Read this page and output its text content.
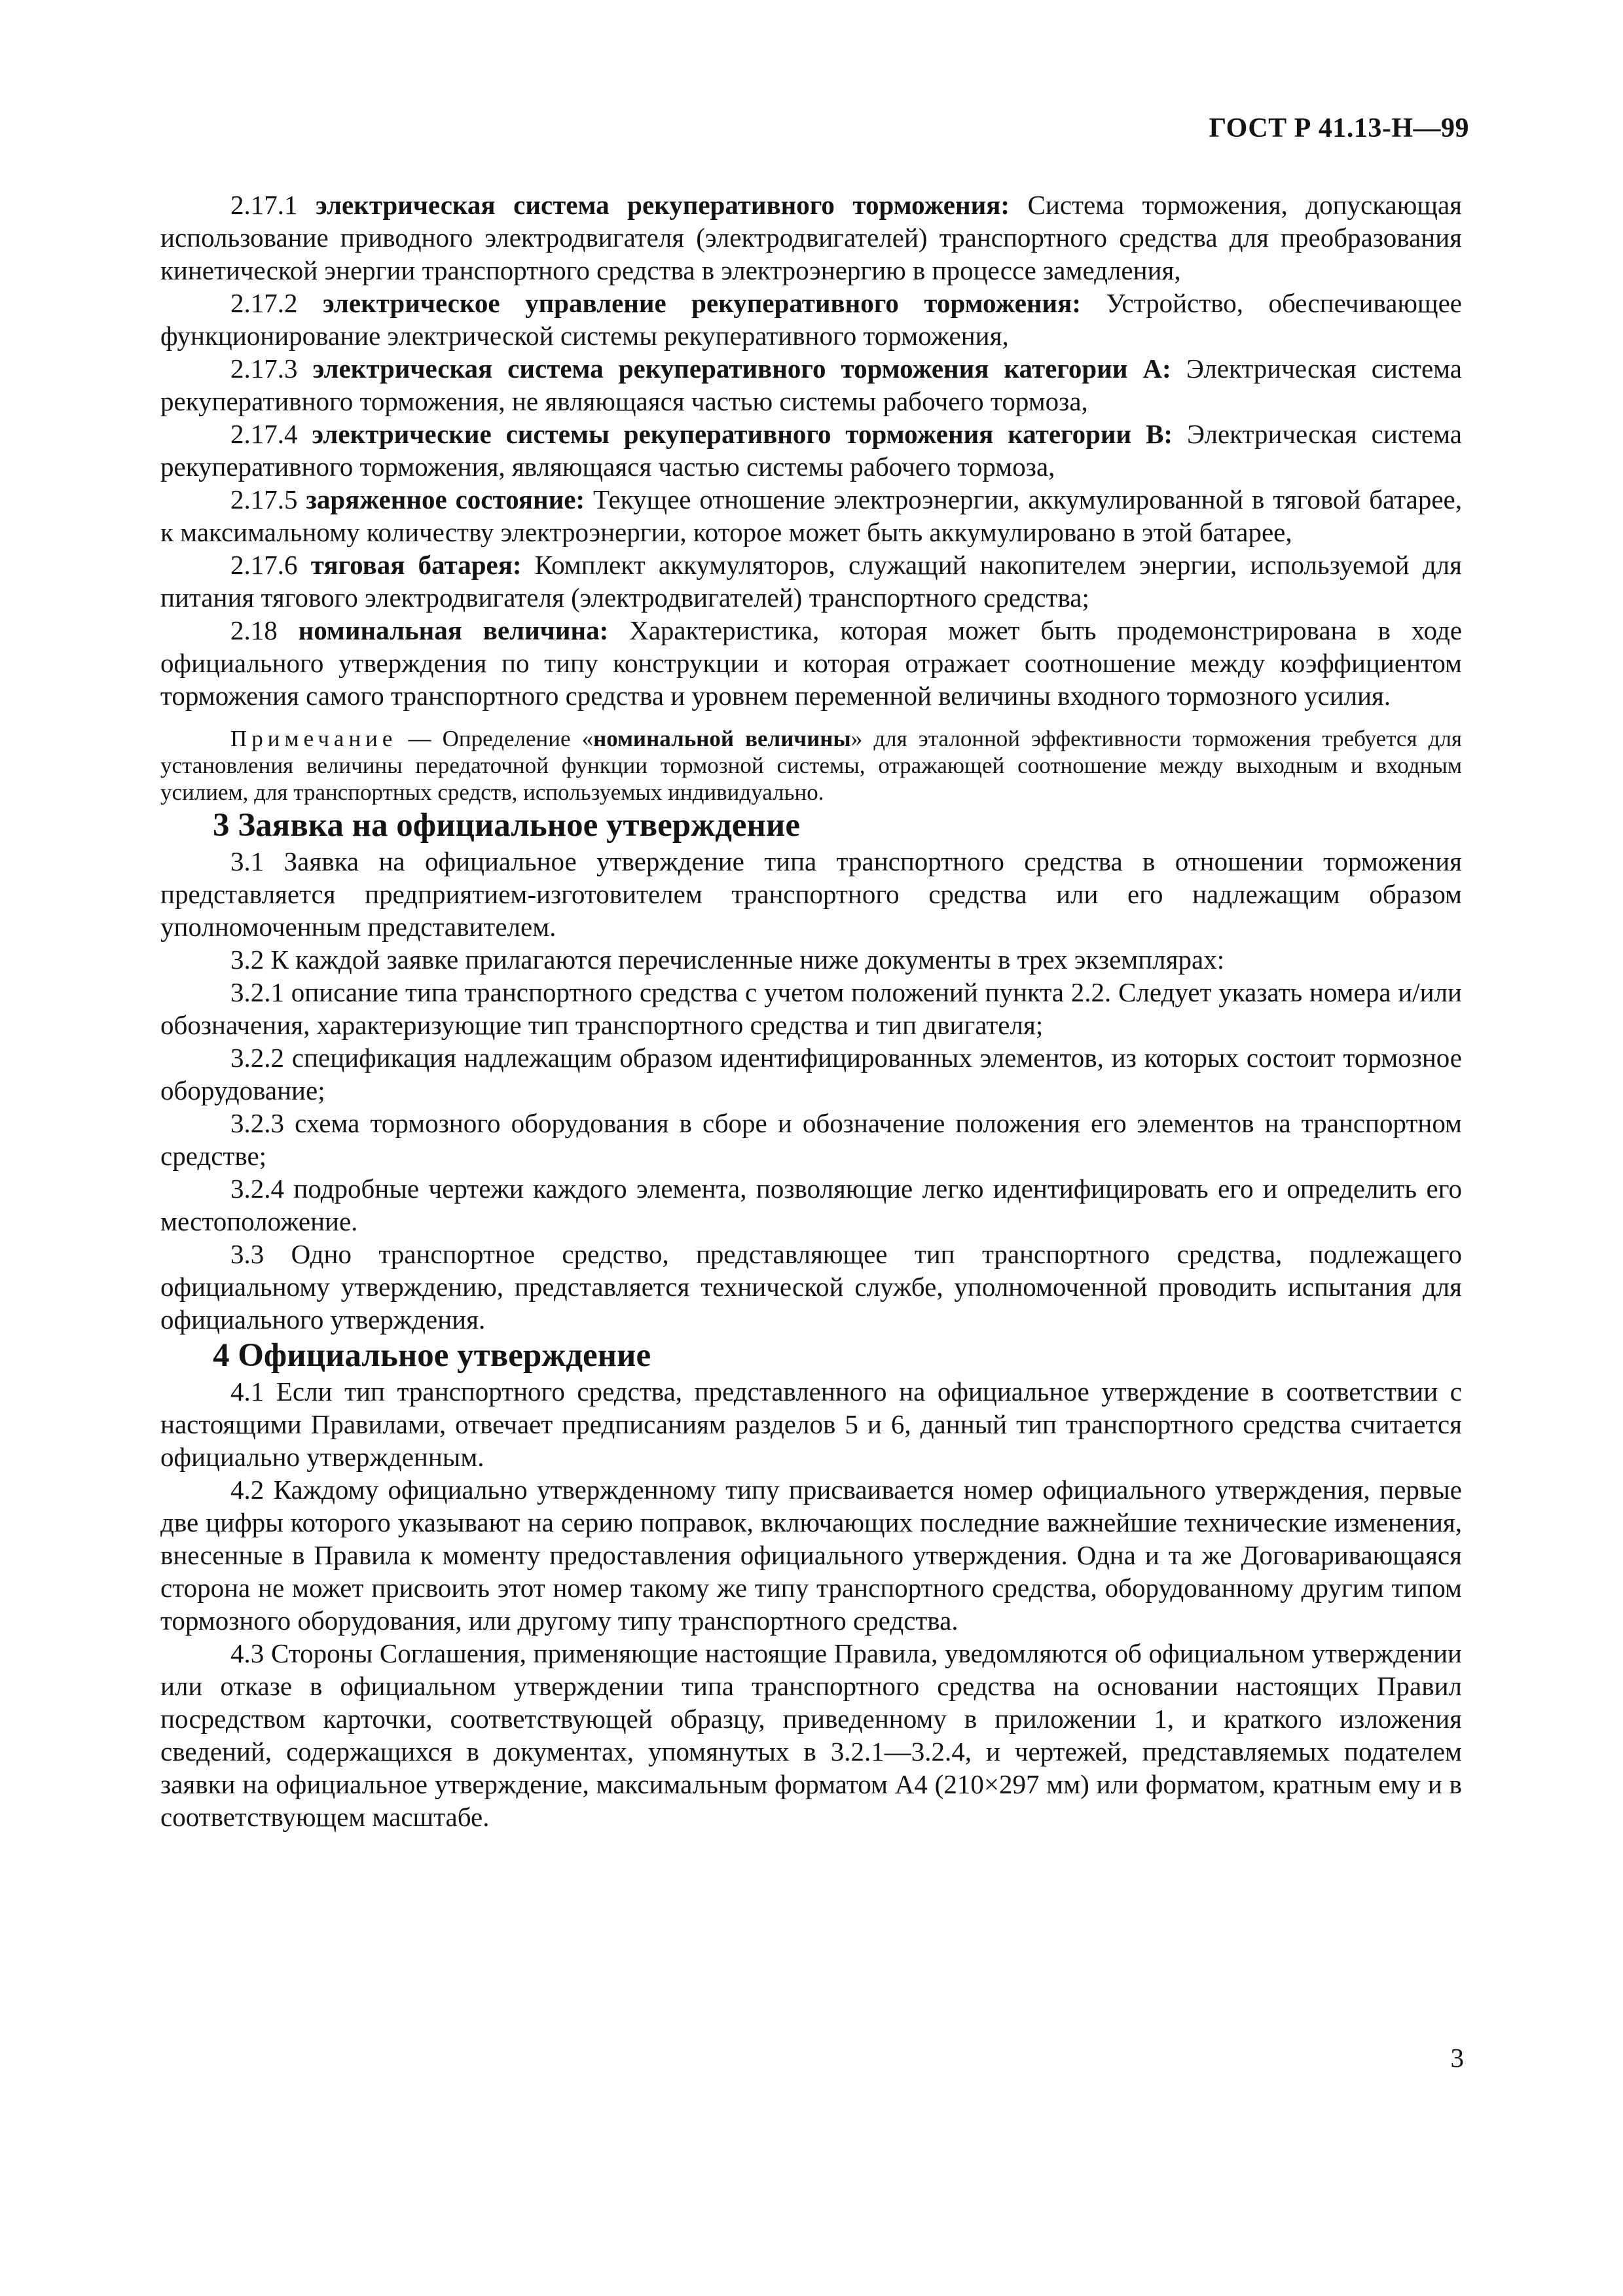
ГОСТ Р 41.13-Н—99

2.17.1 электрическая система рекуперативного торможения: Система торможения, допускающая использование приводного электродвигателя (электродвигателей) транспортного средства для преобразования кинетической энергии транспортного средства в электроэнергию в процессе замедления,

2.17.2 электрическое управление рекуперативного торможения: Устройство, обеспечивающее функционирование электрической системы рекуперативного торможения,

2.17.3 электрическая система рекуперативного торможения категории А: Электрическая система рекуперативного торможения, не являющаяся частью системы рабочего тормоза,

2.17.4 электрические системы рекуперативного торможения категории В: Электрическая система рекуперативного торможения, являющаяся частью системы рабочего тормоза,

2.17.5 заряженное состояние: Текущее отношение электроэнергии, аккумулированной в тяговой батарее, к максимальному количеству электроэнергии, которое может быть аккумулировано в этой батарее,

2.17.6 тяговая батарея: Комплект аккумуляторов, служащий накопителем энергии, используемой для питания тягового электродвигателя (электродвигателей) транспортного средства;

2.18 номинальная величина: Характеристика, которая может быть продемонстрирована в ходе официального утверждения по типу конструкции и которая отражает соотношение между коэффициентом торможения самого транспортного средства и уровнем переменной величины входного тормозного усилия.

Примечание — Определение «номинальной величины» для эталонной эффективности торможения требуется для установления величины передаточной функции тормозной системы, отражающей соотношение между выходным и входным усилием, для транспортных средств, используемых индивидуально.

3 Заявка на официальное утверждение

3.1 Заявка на официальное утверждение типа транспортного средства в отношении торможения представляется предприятием-изготовителем транспортного средства или его надлежащим образом уполномоченным представителем.

3.2 К каждой заявке прилагаются перечисленные ниже документы в трех экземплярах:

3.2.1 описание типа транспортного средства с учетом положений пункта 2.2. Следует указать номера и/или обозначения, характеризующие тип транспортного средства и тип двигателя;

3.2.2 спецификация надлежащим образом идентифицированных элементов, из которых состоит тормозное оборудование;

3.2.3 схема тормозного оборудования в сборе и обозначение положения его элементов на транспортном средстве;

3.2.4 подробные чертежи каждого элемента, позволяющие легко идентифицировать его и определить его местоположение.

3.3 Одно транспортное средство, представляющее тип транспортного средства, подлежащего официальному утверждению, представляется технической службе, уполномоченной проводить испытания для официального утверждения.

4 Официальное утверждение

4.1 Если тип транспортного средства, представленного на официальное утверждение в соответствии с настоящими Правилами, отвечает предписаниям разделов 5 и 6, данный тип транспортного средства считается официально утвержденным.

4.2 Каждому официально утвержденному типу присваивается номер официального утверждения, первые две цифры которого указывают на серию поправок, включающих последние важнейшие технические изменения, внесенные в Правила к моменту предоставления официального утверждения. Одна и та же Договаривающаяся сторона не может присвоить этот номер такому же типу транспортного средства, оборудованному другим типом тормозного оборудования, или другому типу транспортного средства.

4.3 Стороны Соглашения, применяющие настоящие Правила, уведомляются об официальном утверждении или отказе в официальном утверждении типа транспортного средства на основании настоящих Правил посредством карточки, соответствующей образцу, приведенному в приложении 1, и краткого изложения сведений, содержащихся в документах, упомянутых в 3.2.1—3.2.4, и чертежей, представляемых подателем заявки на официальное утверждение, максимальным форматом А4 (210×297 мм) или форматом, кратным ему и в соответствующем масштабе.

3
